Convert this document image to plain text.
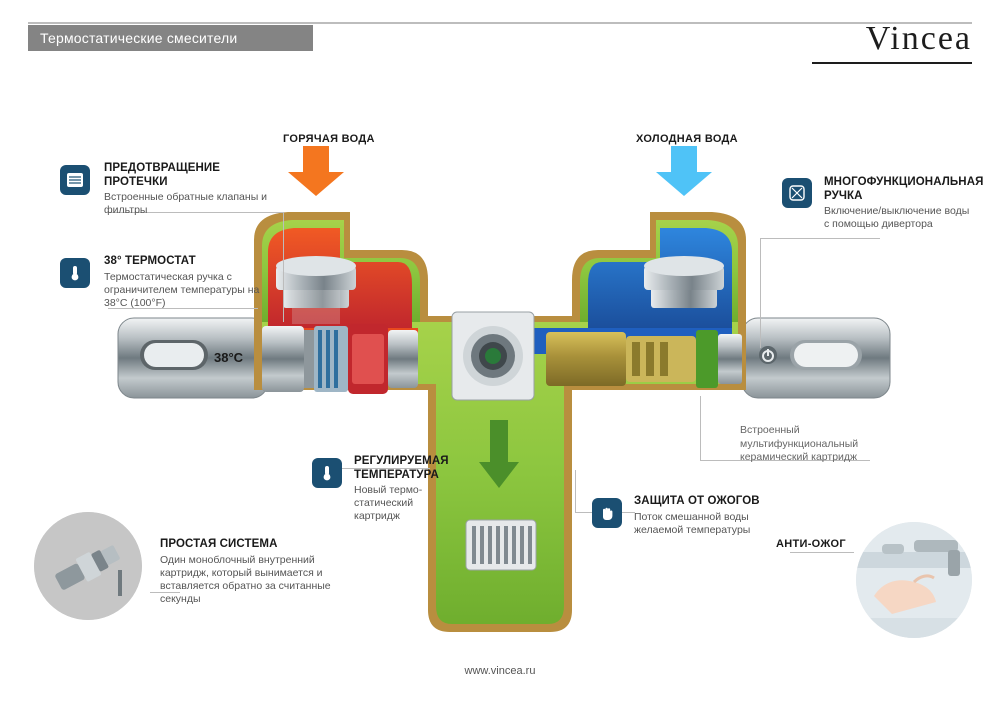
Термостатические смесители	Vincea
38°C
ГОРЯЧАЯ ВОДА	ХОЛОДНАЯ ВОДА
ПРЕДОТВРАЩЕНИЕ ПРОТЕЧКИ
Встроенные обратные клапаны и фильтры
38° ТЕРМОСТАТ
Термостатическая ручка с ограничителем температуры на 38°С (100°F)
МНОГОФУНКЦИОНАЛЬНАЯ РУЧКА
Включение/выключение воды с помощью дивертора
РЕГУЛИРУЕМАЯ ТЕМПЕРАТУРА
Новый термо-статический картридж
ЗАЩИТА ОТ ОЖОГОВ
Поток смешанной воды желаемой температуры
ПРОСТАЯ СИСТЕМА
Один моноблочный внутренний картридж, который вынимается и вставляется обратно за считанные секунды
Встроенный мультифункциональный керамический картридж
АНТИ-ОЖОГ
www.vincea.ru
